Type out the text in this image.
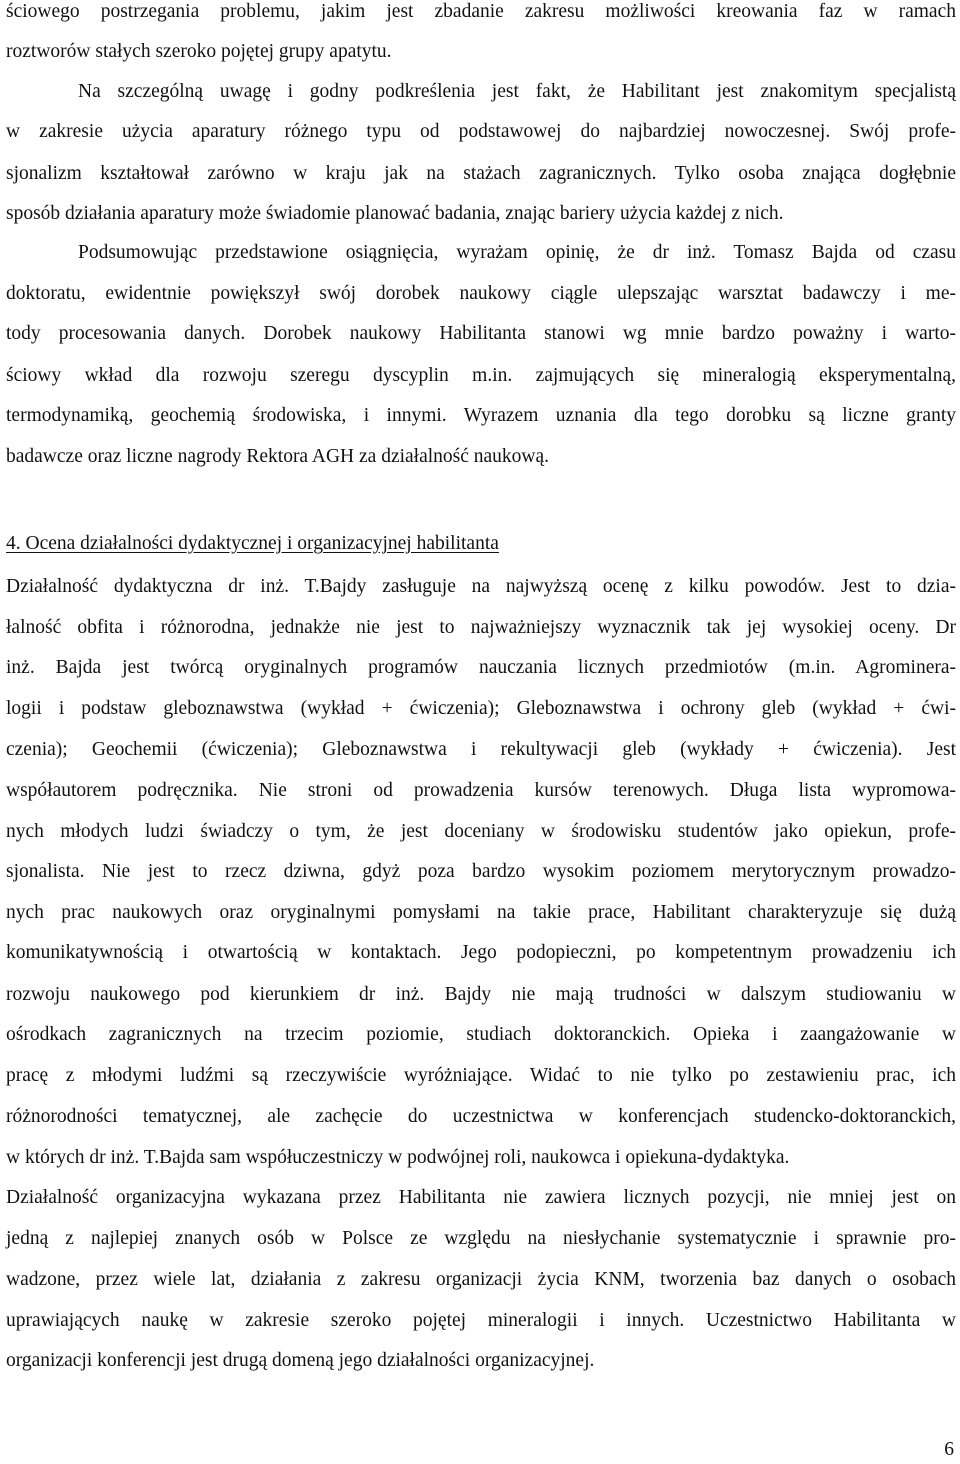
ściowego postrzegania problemu, jakim jest zbadanie zakresu możliwości kreowania faz w ramach
roztworów stałych szeroko pojętej grupy apatytu.
Na szczególną uwagę i godny podkreślenia jest fakt, że Habilitant jest znakomitym specjalistą
w zakresie użycia aparatury różnego typu od podstawowej do najbardziej nowoczesnej. Swój profe-
sjonalizm kształtował zarówno w kraju jak na stażach zagranicznych. Tylko osoba znająca dogłębnie
sposób działania aparatury może świadomie planować badania, znając bariery użycia każdej z nich.
Podsumowując przedstawione osiągnięcia, wyrażam opinię, że dr inż. Tomasz Bajda od czasu
doktoratu, ewidentnie powiększył swój dorobek naukowy ciągle ulepszając warsztat badawczy i me-
tody procesowania danych. Dorobek naukowy Habilitanta stanowi wg mnie bardzo poważny i warto-
ściowy wkład dla rozwoju szeregu dyscyplin m.in. zajmujących się mineralogią eksperymentalną,
termodynamiką, geochemią środowiska, i innymi. Wyrazem uznania dla tego dorobku są liczne granty
badawcze oraz liczne nagrody Rektora AGH za działalność naukową.
4. Ocena działalności dydaktycznej i organizacyjnej habilitanta
Działalność dydaktyczna dr inż. T.Bajdy zasługuje na najwyższą ocenę z kilku powodów. Jest to dzia-
łalność obfita i różnorodna, jednakże nie jest to najważniejszy wyznacznik tak jej wysokiej oceny. Dr
inż. Bajda jest twórcą oryginalnych programów nauczania licznych przedmiotów (m.in. Agrominera-
logii i podstaw gleboznawstwa (wykład + ćwiczenia); Gleboznawstwa i ochrony gleb (wykład + ćwi-
czenia); Geochemii (ćwiczenia); Gleboznawstwa i rekultywacji gleb (wykłady + ćwiczenia). Jest
współautorem podręcznika. Nie stroni od prowadzenia kursów terenowych. Długa lista wypromowa-
nych młodych ludzi świadczy o tym, że jest doceniany w środowisku studentów jako opiekun, profe-
sjonalista. Nie jest to rzecz dziwna, gdyż poza bardzo wysokim poziomem merytorycznym prowadzo-
nych prac naukowych oraz oryginalnymi pomysłami na takie prace, Habilitant charakteryzuje się dużą
komunikatywnością i otwartością w kontaktach. Jego podopieczni, po kompetentnym prowadzeniu ich
rozwoju naukowego pod kierunkiem dr inż. Bajdy nie mają trudności w dalszym studiowaniu w
ośrodkach zagranicznych na trzecim poziomie, studiach doktoranckich. Opieka i zaangażowanie w
pracę z młodymi ludźmi są rzeczywiście wyróżniające. Widać to nie tylko po zestawieniu prac, ich
różnorodności tematycznej, ale zachęcie do uczestnictwa w konferencjach studencko-doktoranckich,
w których dr inż. T.Bajda sam współuczestniczy w podwójnej roli, naukowca i opiekuna-dydaktyka.
Działalność organizacyjna wykazana przez Habilitanta nie zawiera licznych pozycji, nie mniej jest on
jedną z najlepiej znanych osób w Polsce ze względu na niesłychanie systematycznie i sprawnie pro-
wadzone, przez wiele lat, działania z zakresu organizacji życia KNM, tworzenia baz danych o osobach
uprawiających naukę w zakresie szeroko pojętej mineralogii i innych. Uczestnictwo Habilitanta w
organizacji konferencji jest drugą domeną jego działalności organizacyjnej.
6
